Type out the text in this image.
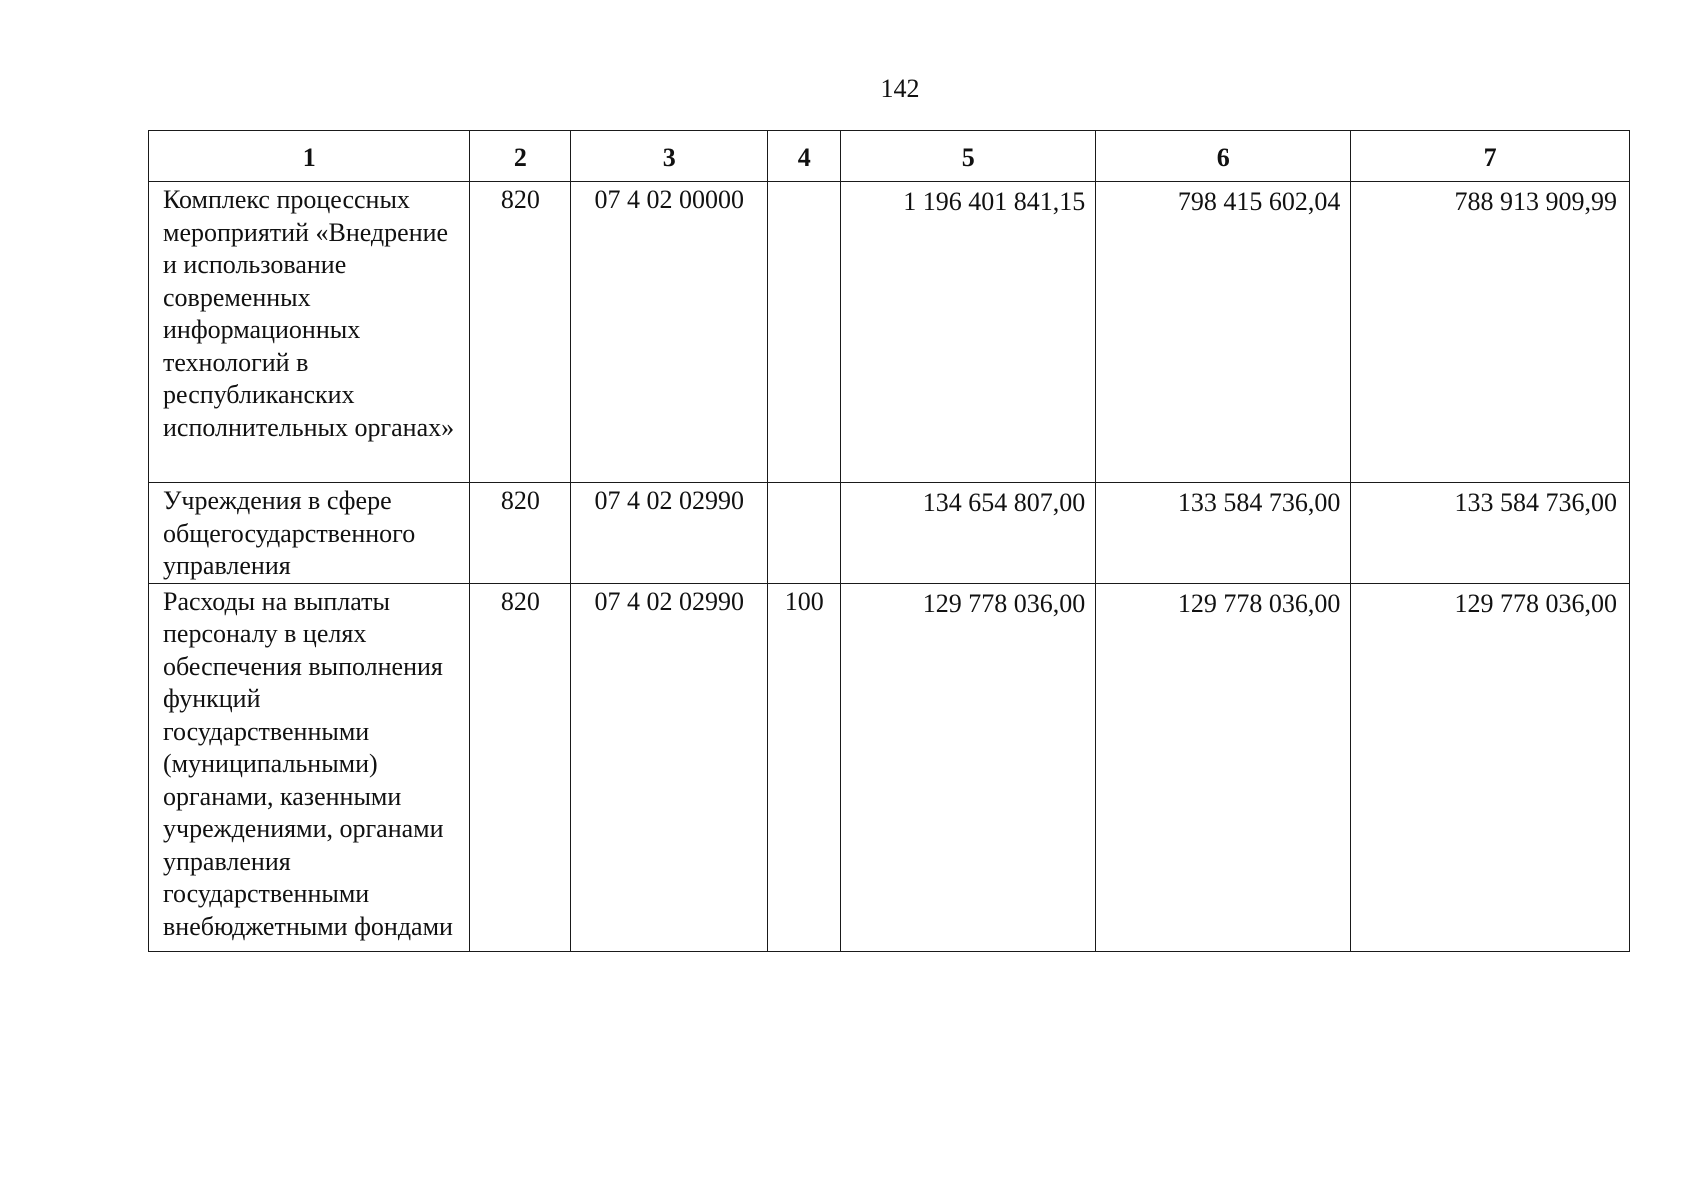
142
1	2	3	4	5	6	7
Комплекс процессных мероприятий «Внедрение и использование современных информационных технологий в республиканских исполнительных органах»	820	07 4 02 00000		1 196 401 841,15	798 415 602,04	788 913 909,99
Учреждения в сфере общегосударственного управления	820	07 4 02 02990		134 654 807,00	133 584 736,00	133 584 736,00
Расходы на выплаты персоналу в целях обеспечения выполнения функций государственными (муниципальными) органами, казенными учреждениями, органами управления государственными внебюджетными фондами	820	07 4 02 02990	100	129 778 036,00	129 778 036,00	129 778 036,00
